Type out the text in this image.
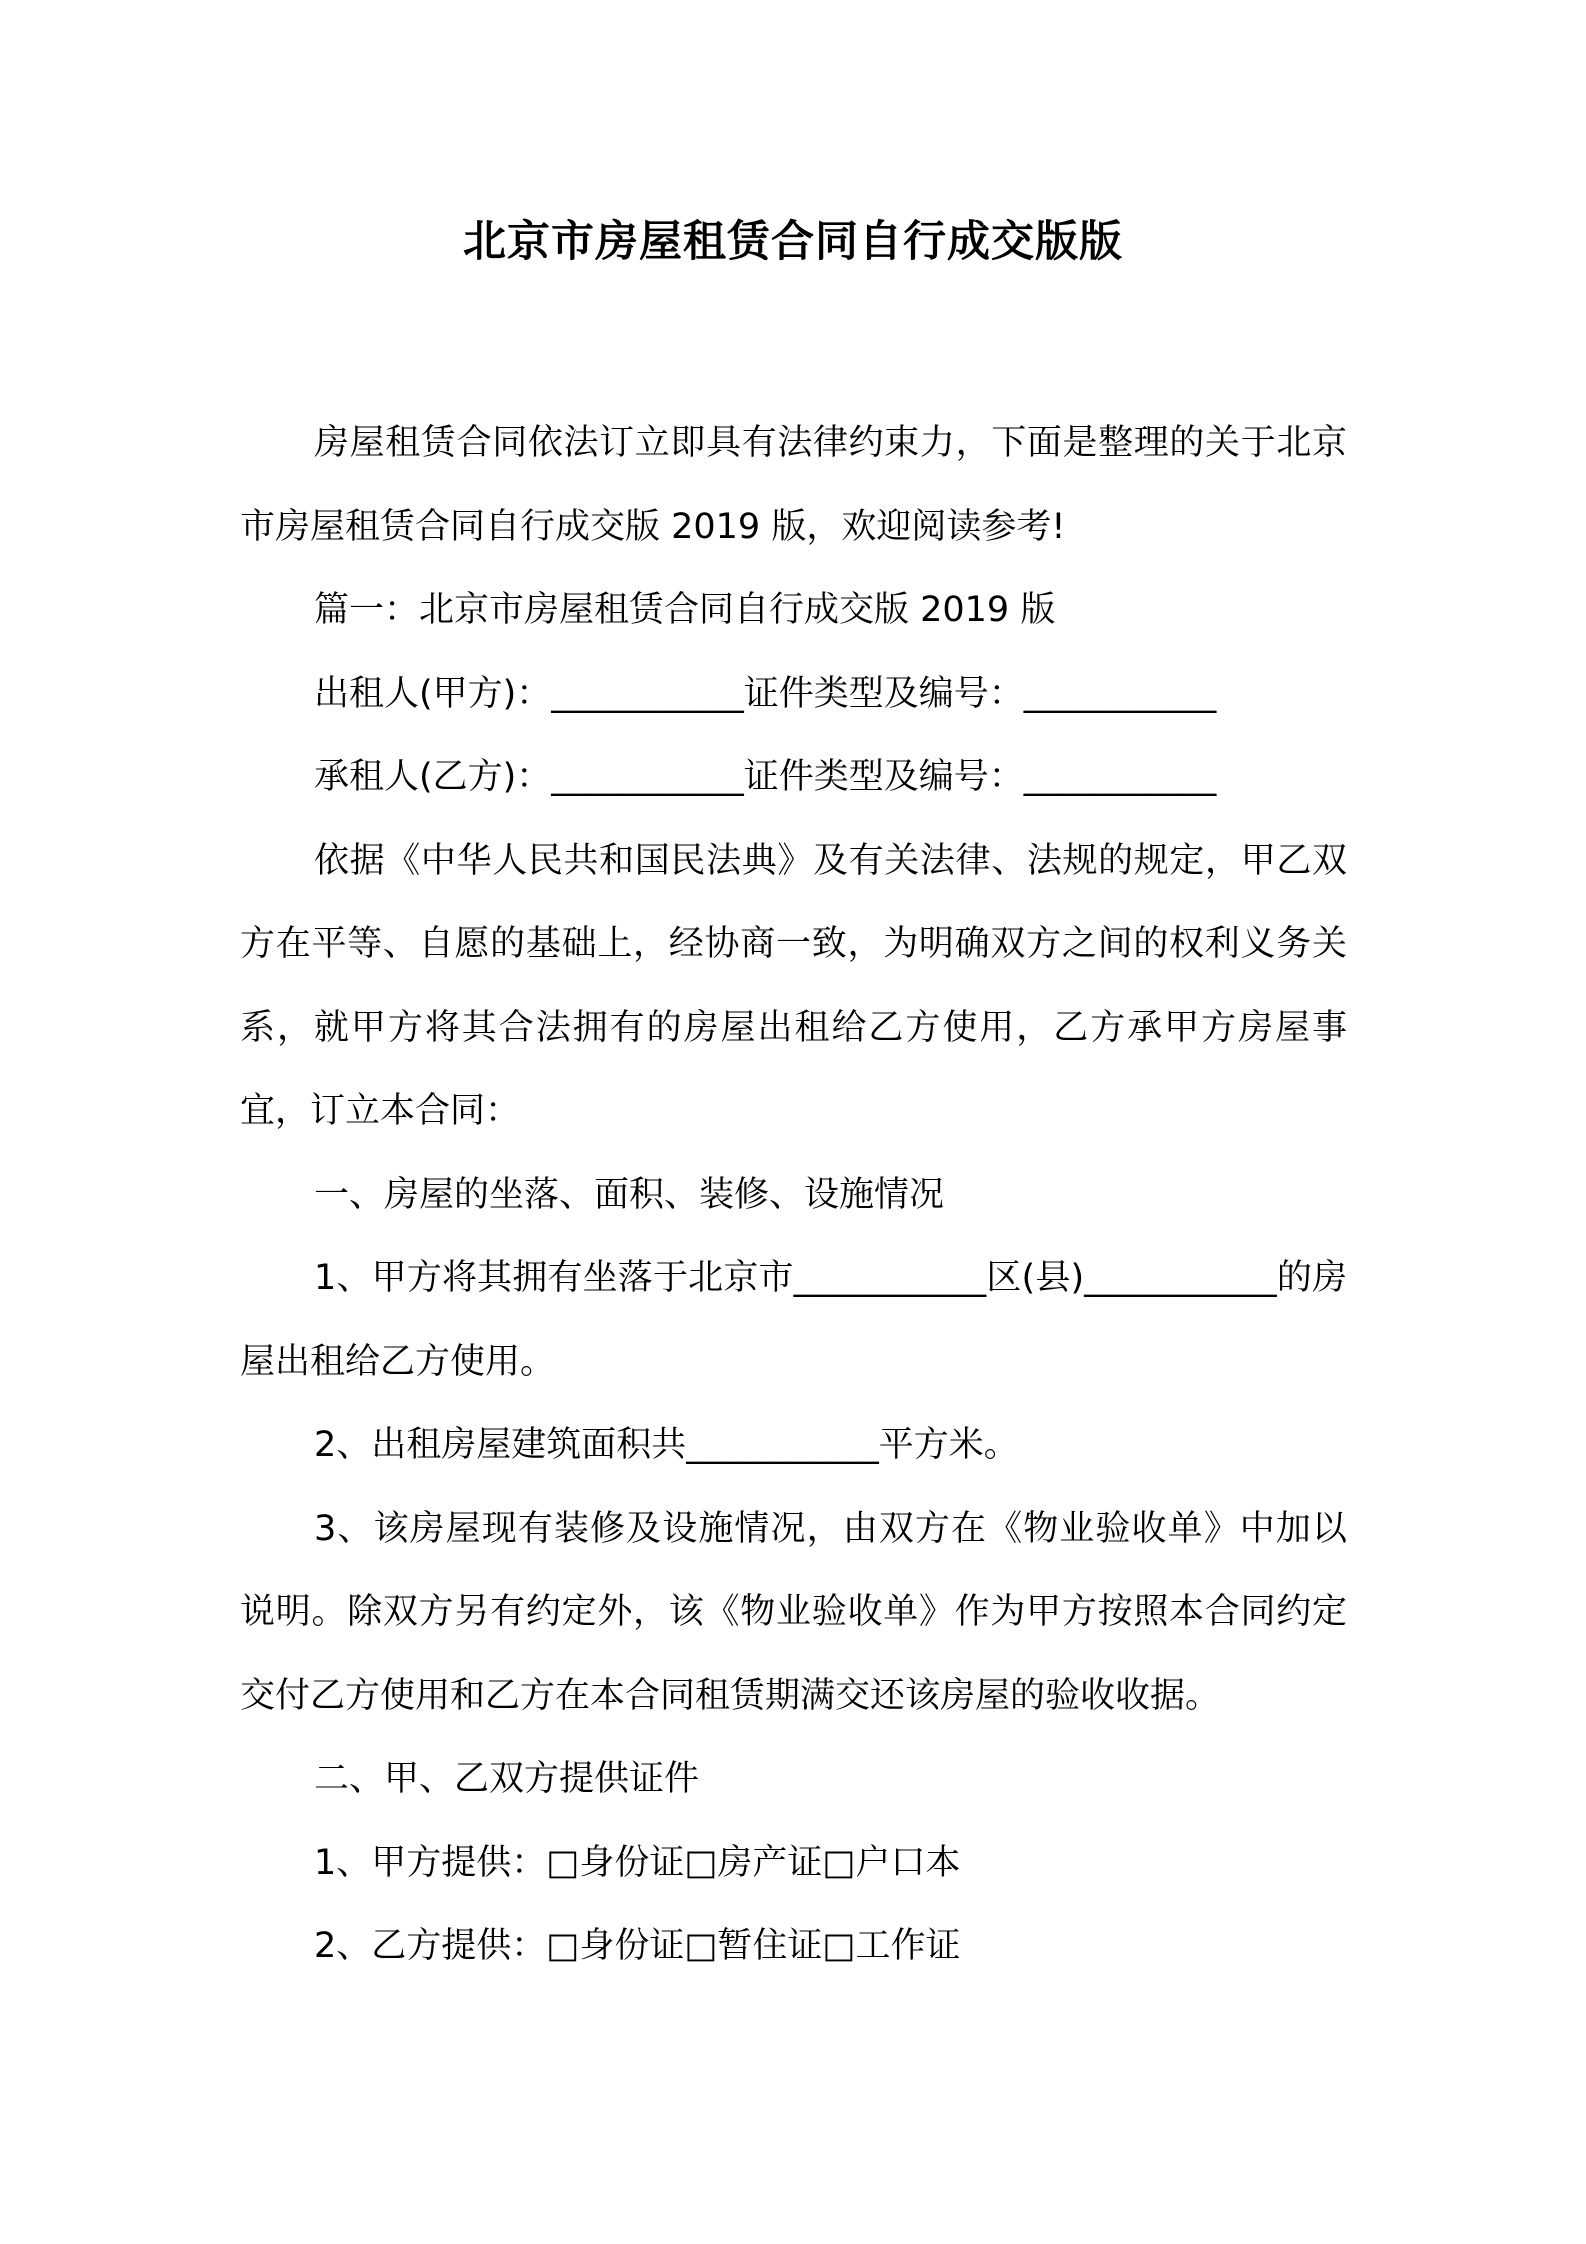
北京市房屋租赁合同自行成交版版

房屋租赁合同依法订立即具有法律约束力，下面是整理的关于北京市房屋租赁合同自行成交版 2019 版，欢迎阅读参考!

篇一：北京市房屋租赁合同自行成交版 2019 版

出租人(甲方)：___________证件类型及编号：___________

承租人(乙方)：___________证件类型及编号：___________

依据《中华人民共和国民法典》及有关法律、法规的规定，甲乙双方在平等、自愿的基础上，经协商一致，为明确双方之间的权利义务关系，就甲方将其合法拥有的房屋出租给乙方使用，乙方承甲方房屋事宜，订立本合同：

一、房屋的坐落、面积、装修、设施情况

1、甲方将其拥有坐落于北京市___________区(县)___________的房屋出租给乙方使用。

2、出租房屋建筑面积共___________平方米。

3、该房屋现有装修及设施情况，由双方在《物业验收单》中加以说明。除双方另有约定外，该《物业验收单》作为甲方按照本合同约定交付乙方使用和乙方在本合同租赁期满交还该房屋的验收收据。

二、甲、乙双方提供证件

1、甲方提供：□身份证□房产证□户口本

2、乙方提供：□身份证□暂住证□工作证
